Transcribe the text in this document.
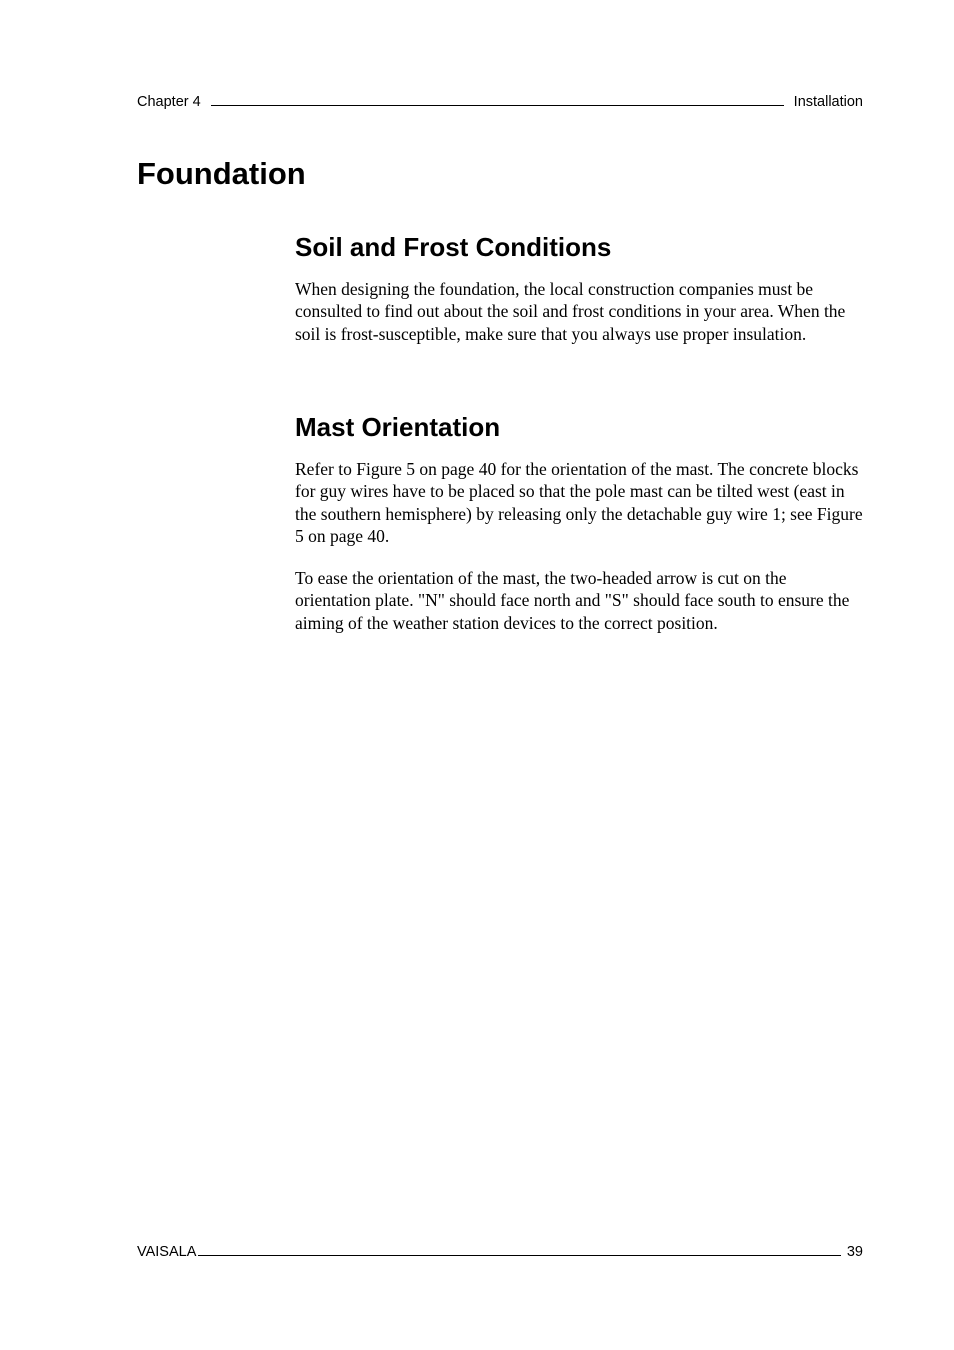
Chapter 4	Installation
Foundation
Soil and Frost Conditions

When designing the foundation, the local construction companies must be consulted to find out about the soil and frost conditions in your area. When the soil is frost-susceptible, make sure that you always use proper insulation.

Mast Orientation

Refer to Figure 5 on page 40 for the orientation of the mast. The concrete blocks for guy wires have to be placed so that the pole mast can be tilted west (east in the southern hemisphere) by releasing only the detachable guy wire 1; see Figure 5 on page 40.

To ease the orientation of the mast, the two-headed arrow is cut on the orientation plate. "N" should face north and "S" should face south to ensure the aiming of the weather station devices to the correct position.

VAISALA	39
